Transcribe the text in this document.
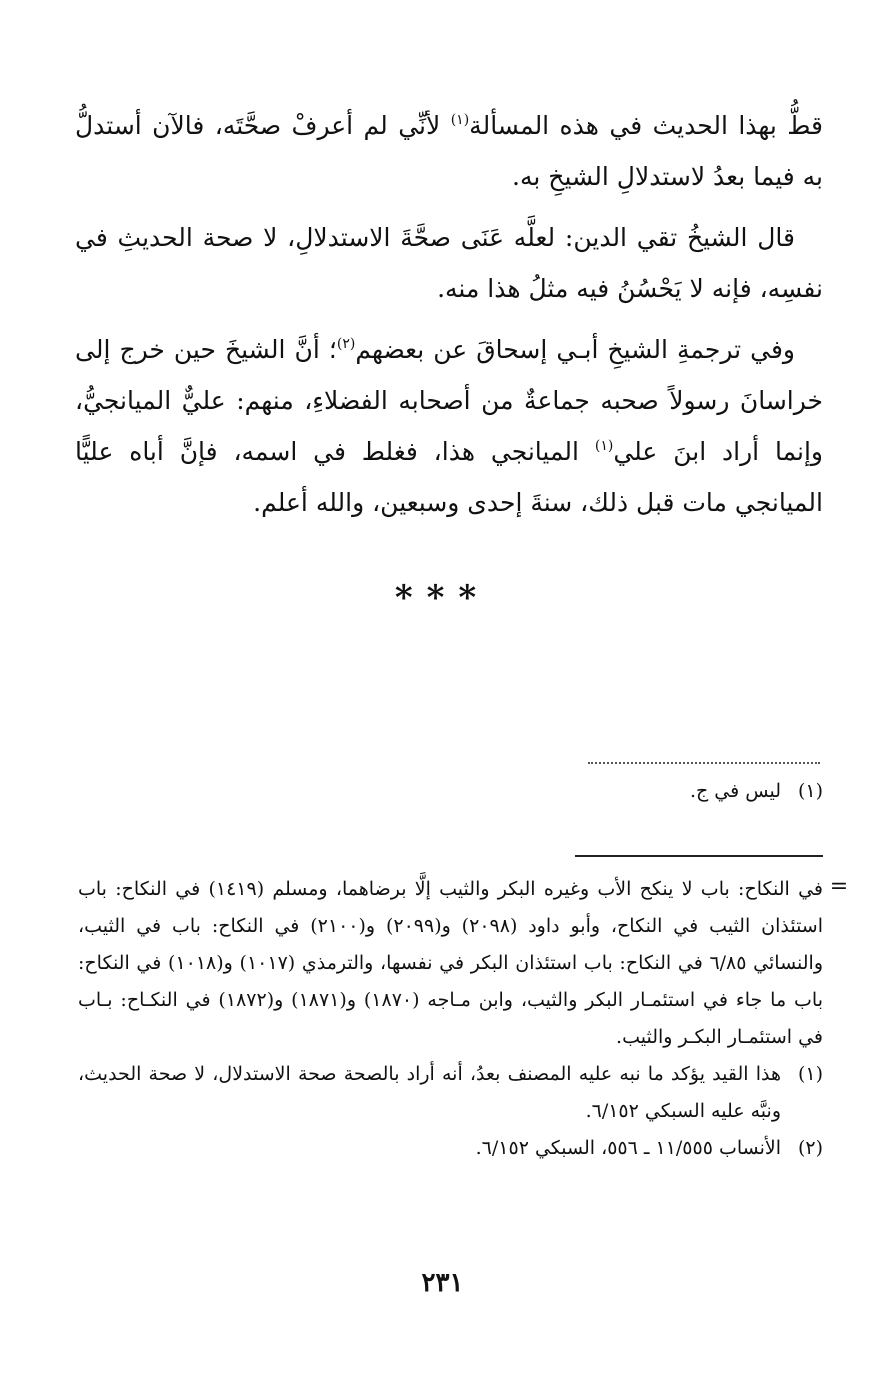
قطُّ بهذا الحديث في هذه المسألة$^{(١)}$ لأنِّي لم أعرفْ صحَّتَه، فالآن أستدلُّ به فيما بعدُ لاستدلالِ الشيخِ به.

قال الشيخُ تقي الدين: لعلَّه عَنَى صحَّةَ الاستدلالِ، لا صحة الحديثِ في نفسِه، فإنه لا يَحْسُنُ فيه مثلُ هذا منه.

وفي ترجمةِ الشيخِ أبـي إسحاقَ عن بعضهم$^{(٢)}$؛ أنَّ الشيخَ حين خرج إلى خراسانَ رسولاً صحبه جماعةٌ من أصحابه الفضلاءِ، منهم: عليٌّ الميانجيُّ، وإنما أراد ابنَ علي$^{(١)}$ الميانجي هذا، فغلط في اسمه، فإنَّ أباه عليًّا الميانجي مات قبل ذلك، سنةَ إحدى وسبعين، والله أعلم.

***
(١)
ليس في ج.
=
في النكاح: باب لا ينكح الأب وغيره البكر والثيب إلَّا برضاهما، ومسلم (١٤١٩) في النكاح: باب استئذان الثيب في النكاح، وأبو داود (٢٠٩٨) و(٢٠٩٩) و(٢١٠٠) في النكاح: باب في الثيب، والنسائي ٦/٨٥ في النكاح: باب استئذان البكر في نفسها، والترمذي (١٠١٧) و(١٠١٨) في النكاح: باب ما جاء في استئمـار البكر والثيب، وابن مـاجه (١٨٧٠) و(١٨٧١) و(١٨٧٢) في النكـاح: بـاب في استئمـار البكـر والثيب.
(١)
هذا القيد يؤكد ما نبه عليه المصنف بعدُ، أنه أراد بالصحة صحة الاستدلال، لا صحة الحديث، ونبَّه عليه السبكي ٦/١٥٢.
(٢)
الأنساب ١١/٥٥٥ ـ ٥٥٦، السبكي ٦/١٥٢.
٢٣١
